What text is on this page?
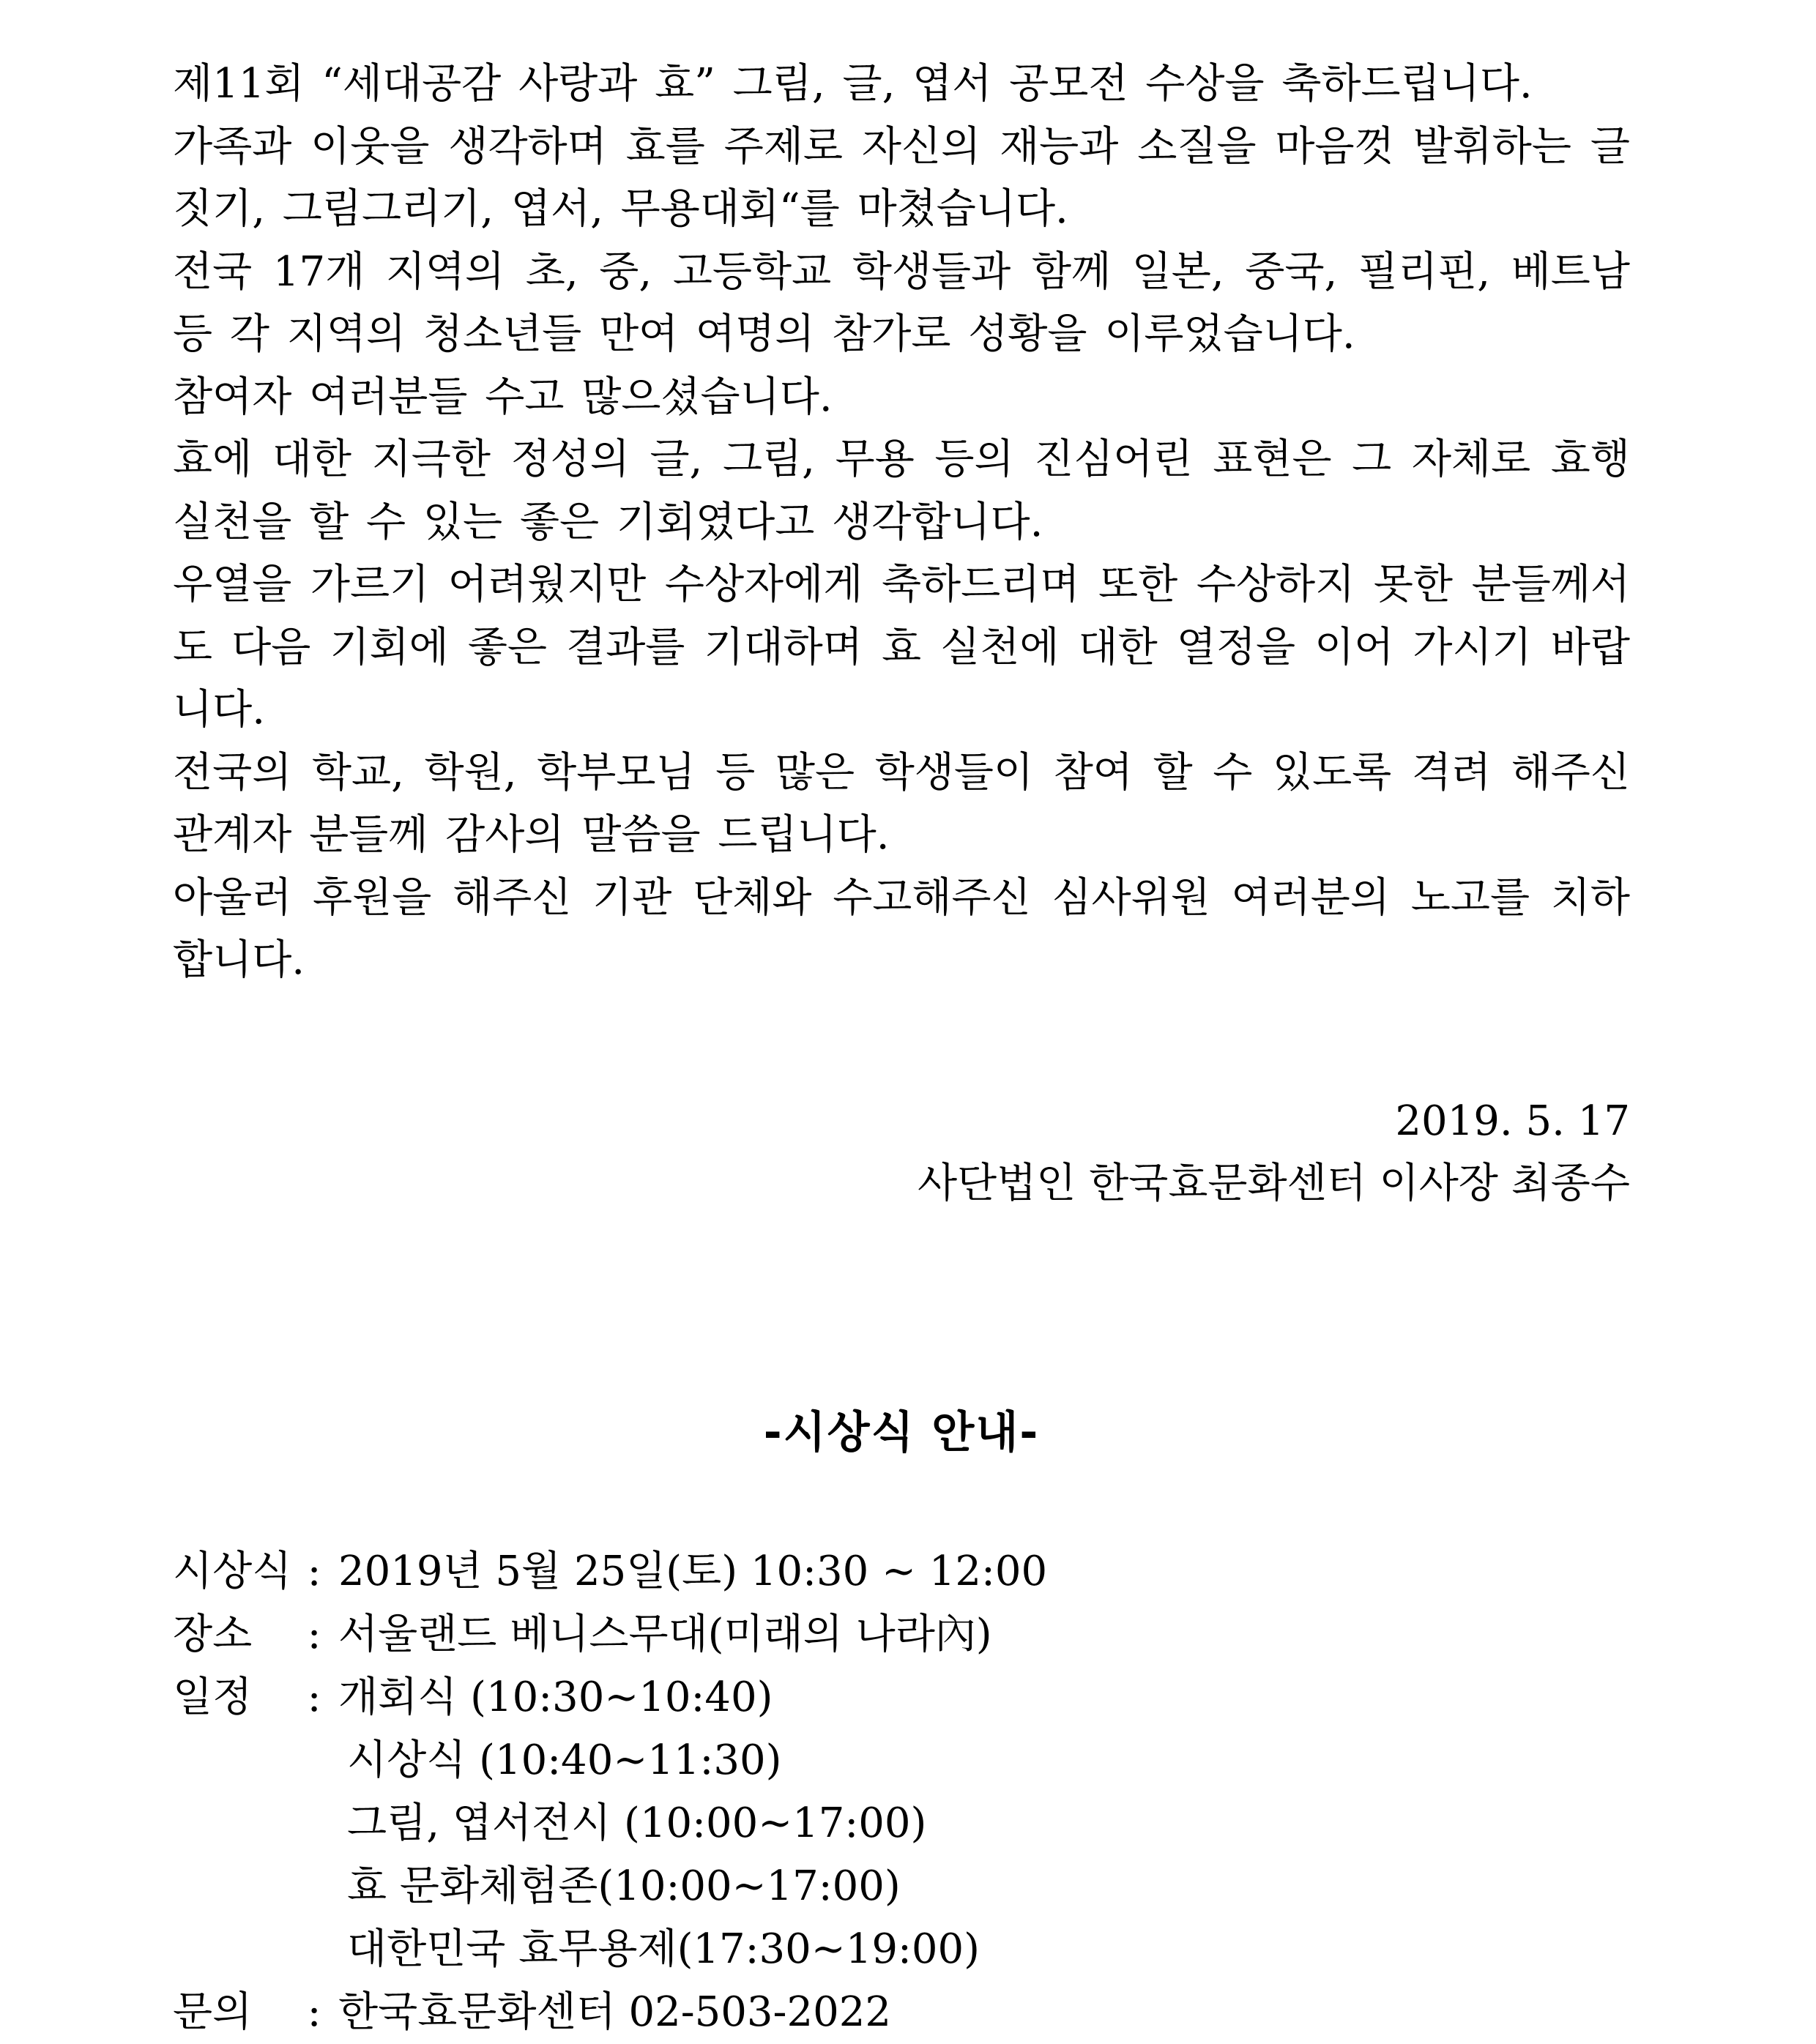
제11회 “세대공감 사랑과 효” 그림, 글, 엽서 공모전 수상을 축하드립니다.

가족과 이웃을 생각하며 효를 주제로 자신의 재능과 소질을 마음껏 발휘하는 글짓기, 그림그리기, 엽서, 무용대회“를 마쳤습니다.

전국 17개 지역의 초, 중, 고등학교 학생들과 함께 일본, 중국, 필리핀, 베트남 등 각 지역의 청소년들 만여 여명의 참가로 성황을 이루었습니다.

참여자 여러분들 수고 많으셨습니다.

효에 대한 지극한 정성의 글, 그림, 무용 등의 진심어린 표현은 그 자체로 효행실천을 할 수 있는 좋은 기회였다고 생각합니다.

우열을 가르기 어려웠지만 수상자에게 축하드리며 또한 수상하지 못한 분들께서도 다음 기회에 좋은 결과를 기대하며 효 실천에 대한 열정을 이어 가시기 바랍니다.

전국의 학교, 학원, 학부모님 등 많은 학생들이 참여 할 수 있도록 격려 해주신 관계자 분들께 감사의 말씀을 드립니다.

아울러 후원을 해주신 기관 단체와 수고해주신 심사위원 여러분의 노고를 치하합니다.

2019. 5. 17
사단법인 한국효문화센터 이사장 최종수
-시상식 안내-
시상식 : 2019년 5월 25일(토) 10:30 ~ 12:00
장소	: 서울랜드 베니스무대(미래의 나라內)
일정	: 개회식 (10:30~10:40)
시상식 (10:40~11:30)
그림, 엽서전시 (10:00~17:00)
효 문화체험존(10:00~17:00)
대한민국 효무용제(17:30~19:00)
문의	: 한국효문화센터 02-503-2022
